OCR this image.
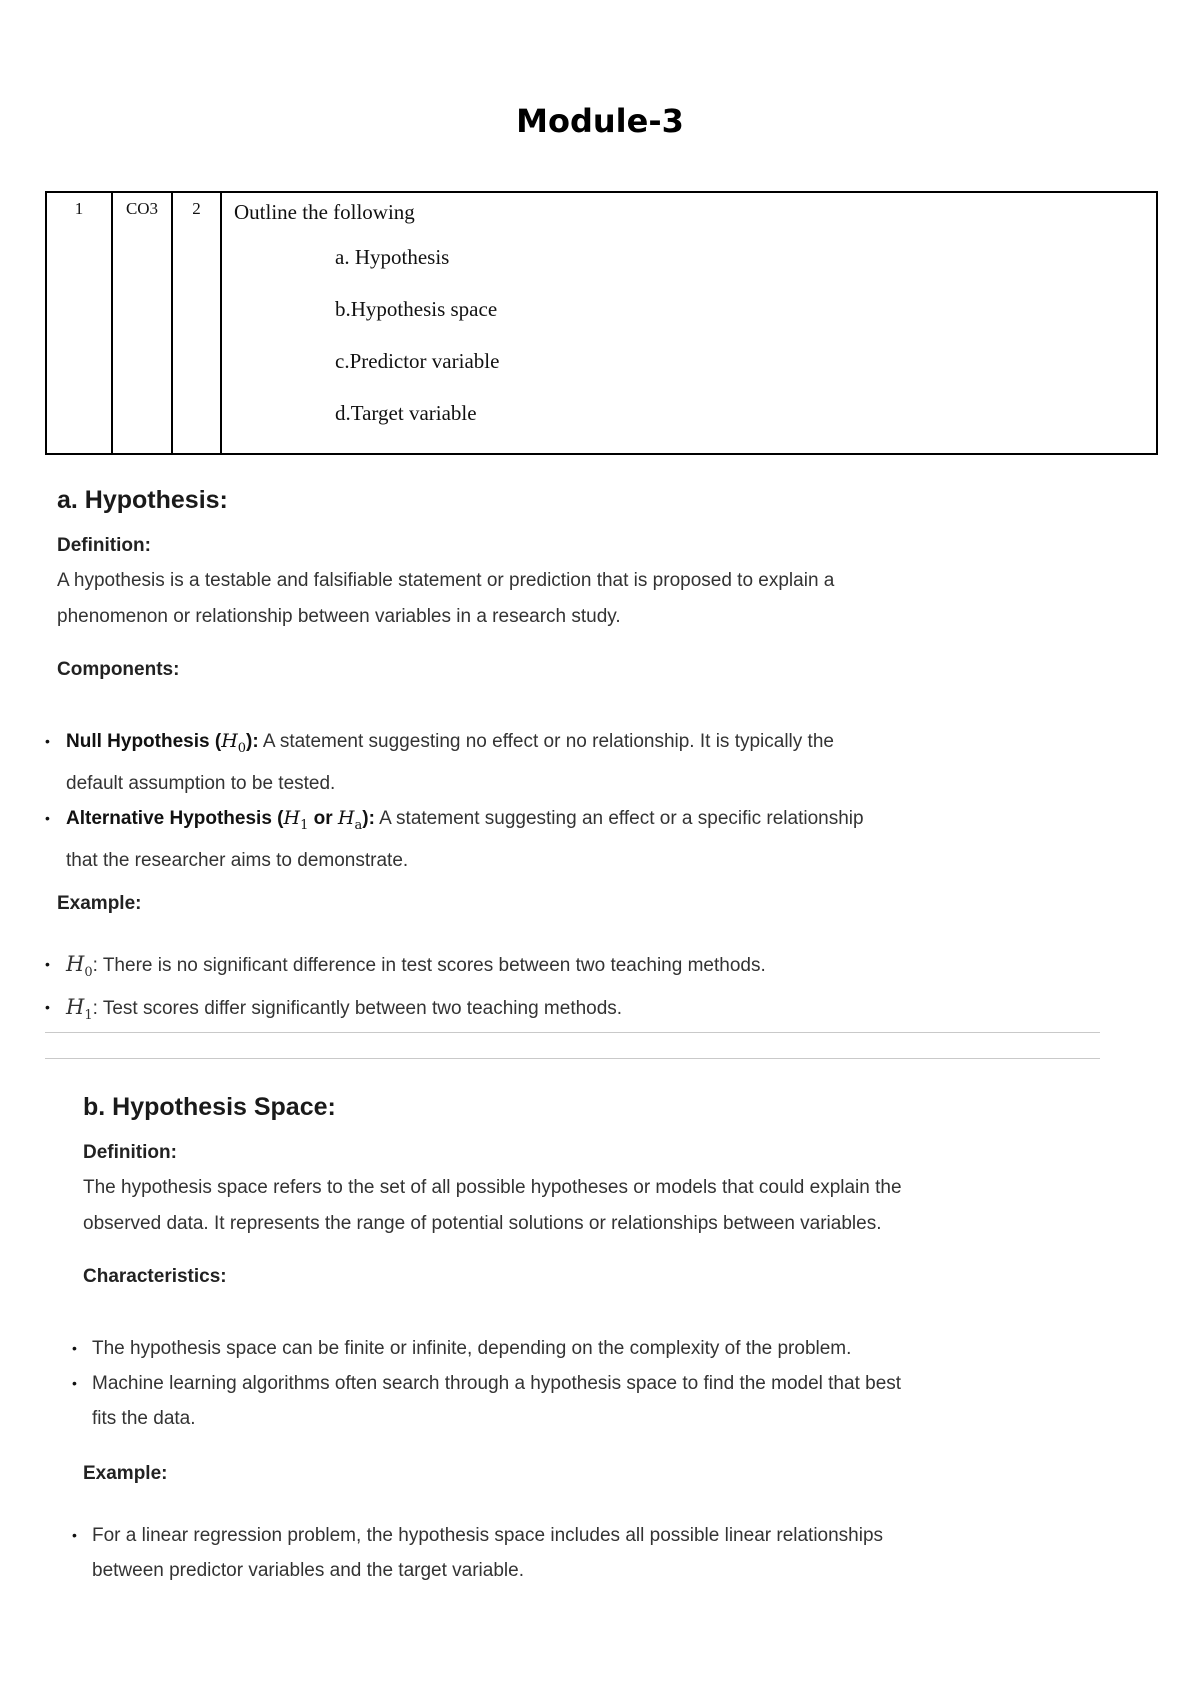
Module-3
1	CO3	2	Outline the following
a. Hypothesis
b.Hypothesis space
c.Predictor variable
d.Target variable

a. Hypothesis:

Definition:

A hypothesis is a testable and falsifiable statement or prediction that is proposed to explain a
phenomenon or relationship between variables in a research study.

Components:

• Null Hypothesis $(H_0)$: A statement suggesting no effect or no relationship. It is typically the
default assumption to be tested.
• Alternative Hypothesis ($H_1$ or $H_a$): A statement suggesting an effect or a specific relationship
that the researcher aims to demonstrate.

Example:

• $H_0$: There is no significant difference in test scores between two teaching methods.
• $H_1$: Test scores differ significantly between two teaching methods.

b. Hypothesis Space:

Definition:

The hypothesis space refers to the set of all possible hypotheses or models that could explain the
observed data. It represents the range of potential solutions or relationships between variables.

Characteristics:

• The hypothesis space can be finite or infinite, depending on the complexity of the problem.
• Machine learning algorithms often search through a hypothesis space to find the model that best
fits the data.

Example:

• For a linear regression problem, the hypothesis space includes all possible linear relationships
between predictor variables and the target variable.
